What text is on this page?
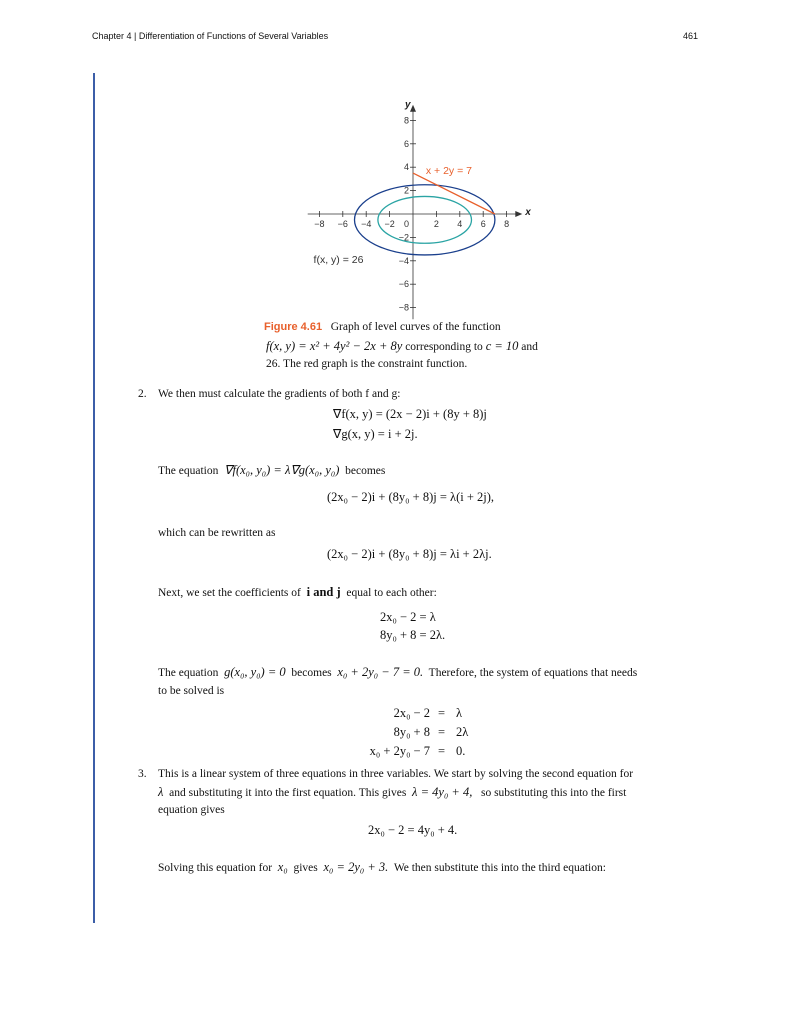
Chapter 4 | Differentiation of Functions of Several Variables	461
x
y
−8 −6 −4 −2	2 4 6 8
8
6
4
2
−2
−4
−6
−8
0
x + 2y = 7
f(x, y) = 26
Figure 4.61 Graph of level curves of the function
f(x, y) = x² + 4y² − 2x + 8y corresponding to c = 10 and
26. The red graph is the constraint function.
2. We then must calculate the gradients of both f and g:
∇f(x, y) = (2x − 2)i + (8y + 8)j
∇g(x, y) = i + 2j.
The equation ∇f(x₀, y₀) = λ∇g(x₀, y₀) becomes
(2x₀ − 2)i + (8y₀ + 8)j = λ(i + 2j),
which can be rewritten as
(2x₀ − 2)i + (8y₀ + 8)j = λi + 2λj.
Next, we set the coefficients of i and j equal to each other:
2x₀ − 2 = λ
8y₀ + 8 = 2λ.
The equation g(x₀, y₀) = 0 becomes x₀ + 2y₀ − 7 = 0. Therefore, the system of equations that needs
to be solved is
2x₀ − 2
8y₀ + 8
x₀ + 2y₀ − 7
=
=
=
λ
2λ
0.
3. This is a linear system of three equations in three variables. We start by solving the second equation for
λ and substituting it into the first equation. This gives λ = 4y₀ + 4, so substituting this into the first
equation gives
2x₀ − 2 = 4y₀ + 4.
Solving this equation for x₀ gives x₀ = 2y₀ + 3. We then substitute this into the third equation:
